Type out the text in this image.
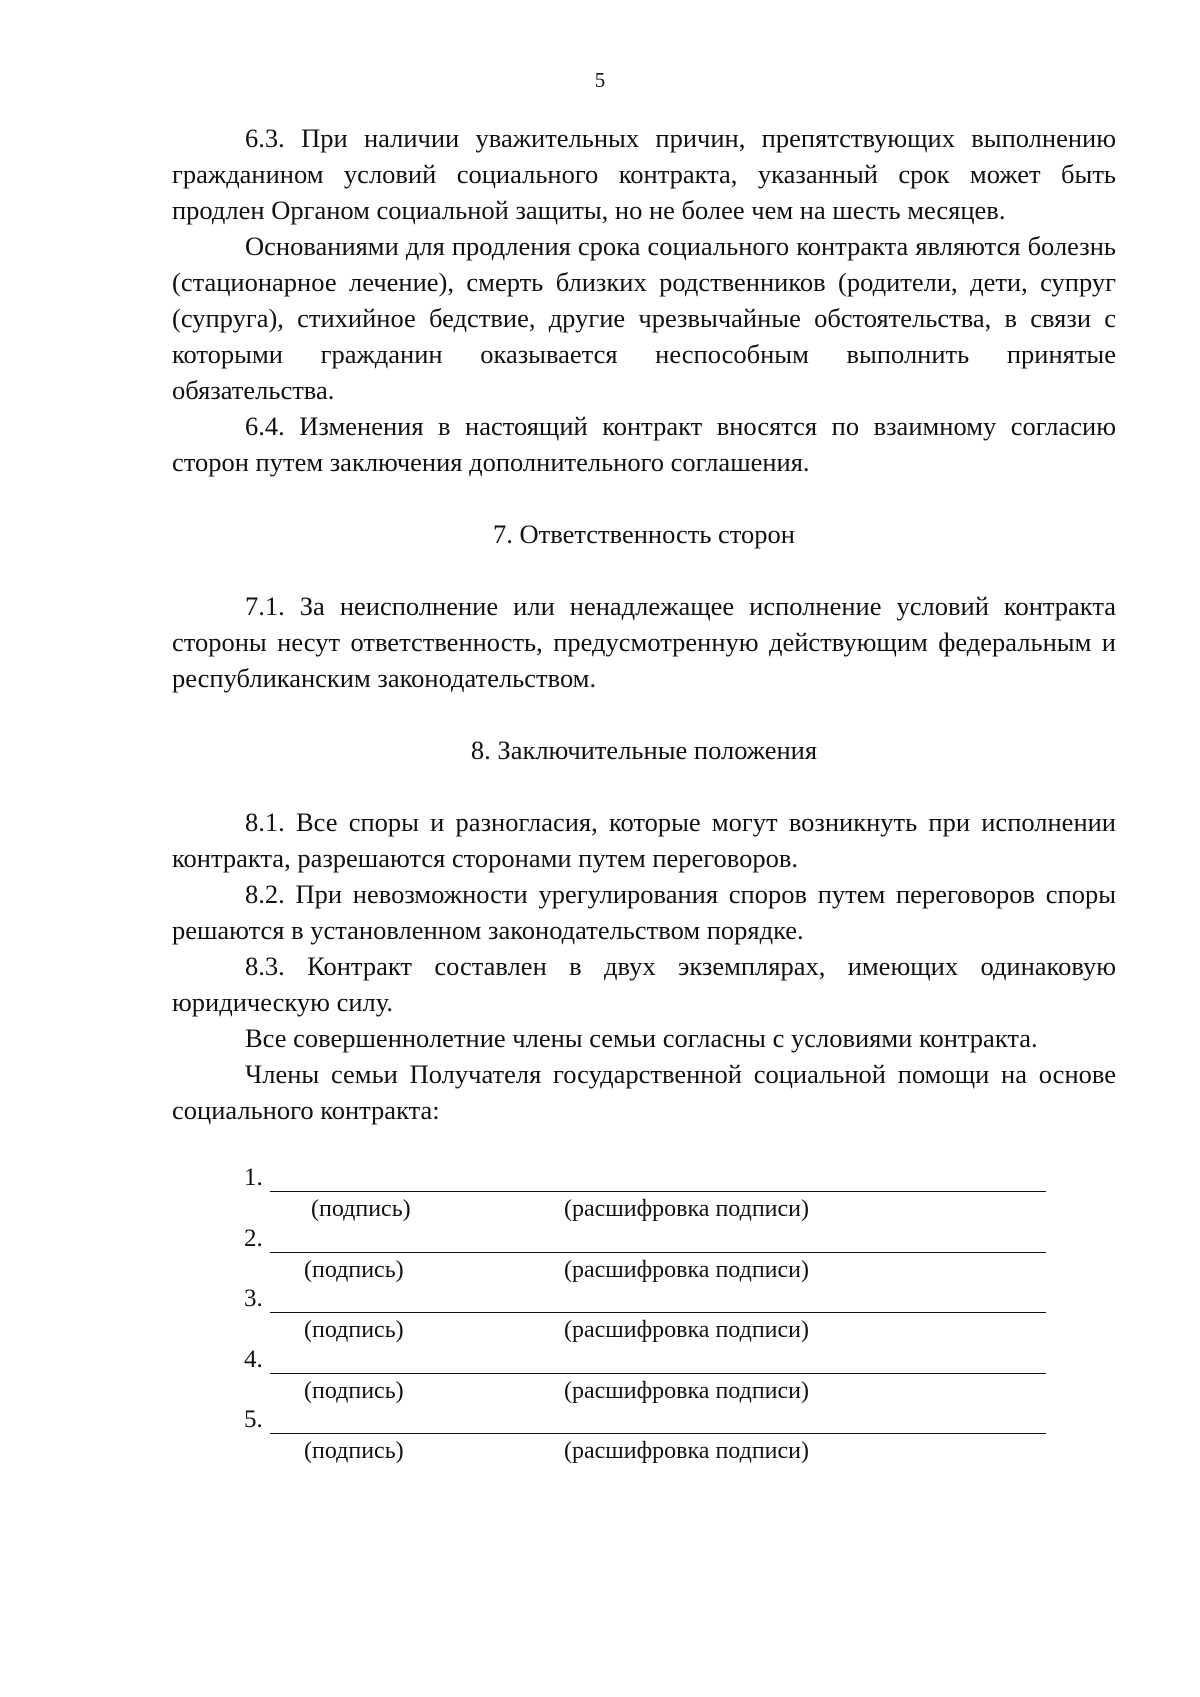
5

6.3. При наличии уважительных причин, препятствующих выполнению гражданином условий социального контракта, указанный срок может быть продлен Органом социальной защиты, но не более чем на шесть месяцев.

Основаниями для продления срока социального контракта являются болезнь (стационарное лечение), смерть близких родственников (родители, дети, супруг (супруга), стихийное бедствие, другие чрезвычайные обстоятельства, в связи с которыми гражданин оказывается неспособным выполнить принятые обязательства.

6.4. Изменения в настоящий контракт вносятся по взаимному согласию сторон путем заключения дополнительного соглашения.

7. Ответственность сторон

7.1. За неисполнение или ненадлежащее исполнение условий контракта стороны несут ответственность, предусмотренную действующим федеральным и республиканским законодательством.

8. Заключительные положения

8.1. Все споры и разногласия, которые могут возникнуть при исполнении контракта, разрешаются сторонами путем переговоров.

8.2. При невозможности урегулирования споров путем переговоров споры решаются в установленном законодательством порядке.

8.3. Контракт составлен в двух экземплярах, имеющих одинаковую юридическую силу.

Все совершеннолетние члены семьи согласны с условиями контракта.

Члены семьи Получателя государственной социальной помощи на основе социального контракта:

1.
(подпись)	(расшифровка подписи)
2.
(подпись)	(расшифровка подписи)
3.
(подпись)	(расшифровка подписи)
4.
(подпись)	(расшифровка подписи)
5.
(подпись)	(расшифровка подписи)
